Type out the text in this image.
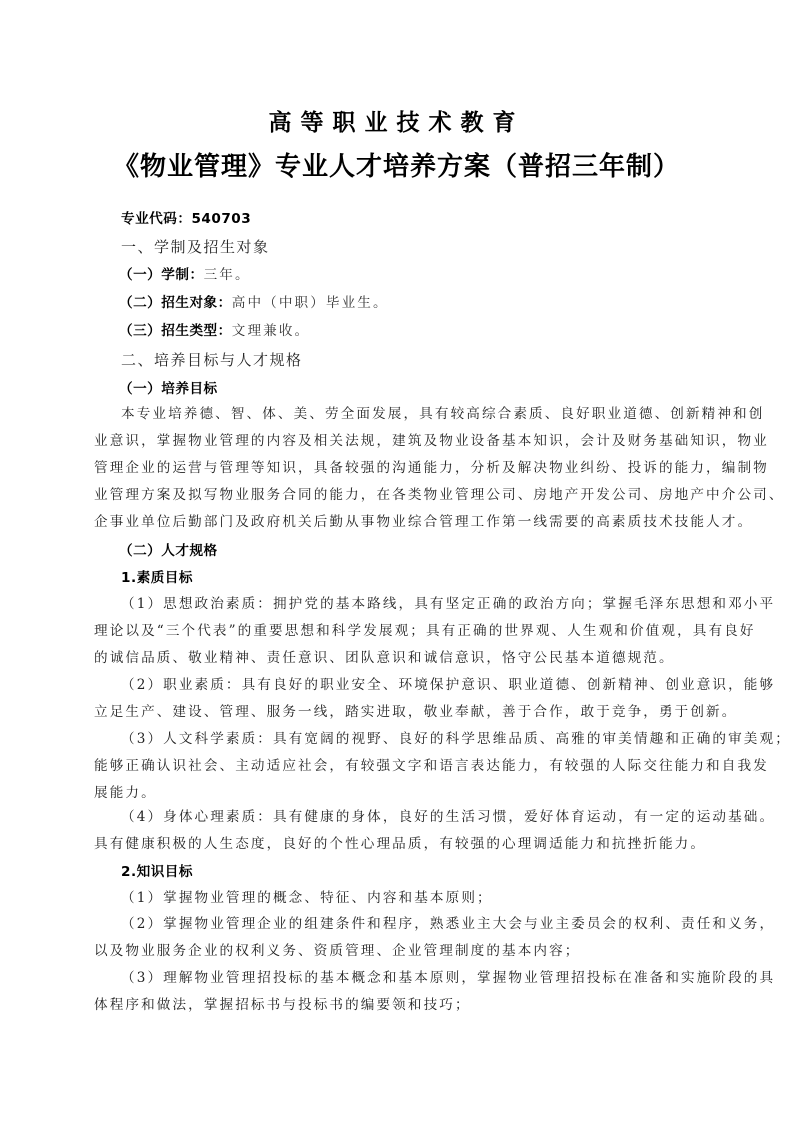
高等职业技术教育
《物业管理》专业人才培养方案（普招三年制）
专业代码：540703
一、学制及招生对象
（一）学制：三年。
（二）招生对象：高中（中职）毕业生。
（三）招生类型：文理兼收。
二、培养目标与人才规格
（一）培养目标
本专业培养德、智、体、美、劳全面发展，具有较高综合素质、良好职业道德、创新精神和创
业意识，掌握物业管理的内容及相关法规，建筑及物业设备基本知识，会计及财务基础知识，物业
管理企业的运营与管理等知识，具备较强的沟通能力，分析及解决物业纠纷、投诉的能力，编制物
业管理方案及拟写物业服务合同的能力，在各类物业管理公司、房地产开发公司、房地产中介公司、
企事业单位后勤部门及政府机关后勤从事物业综合管理工作第一线需要的高素质技术技能人才。
（二）人才规格
1.素质目标
（1）思想政治素质：拥护党的基本路线，具有坚定正确的政治方向；掌握毛泽东思想和邓小平
理论以及“三个代表”的重要思想和科学发展观；具有正确的世界观、人生观和价值观，具有良好
的诚信品质、敬业精神、责任意识、团队意识和诚信意识，恪守公民基本道德规范。
（2）职业素质：具有良好的职业安全、环境保护意识、职业道德、创新精神、创业意识，能够
立足生产、建设、管理、服务一线，踏实进取，敬业奉献，善于合作，敢于竞争，勇于创新。
（3）人文科学素质：具有宽阔的视野、良好的科学思维品质、高雅的审美情趣和正确的审美观；
能够正确认识社会、主动适应社会，有较强文字和语言表达能力，有较强的人际交往能力和自我发
展能力。
（4）身体心理素质：具有健康的身体，良好的生活习惯，爱好体育运动，有一定的运动基础。
具有健康积极的人生态度，良好的个性心理品质，有较强的心理调适能力和抗挫折能力。
2.知识目标
（1）掌握物业管理的概念、特征、内容和基本原则；
（2）掌握物业管理企业的组建条件和程序，熟悉业主大会与业主委员会的权利、责任和义务，
以及物业服务企业的权利义务、资质管理、企业管理制度的基本内容；
（3）理解物业管理招投标的基本概念和基本原则，掌握物业管理招投标在准备和实施阶段的具
体程序和做法，掌握招标书与投标书的编要领和技巧；
